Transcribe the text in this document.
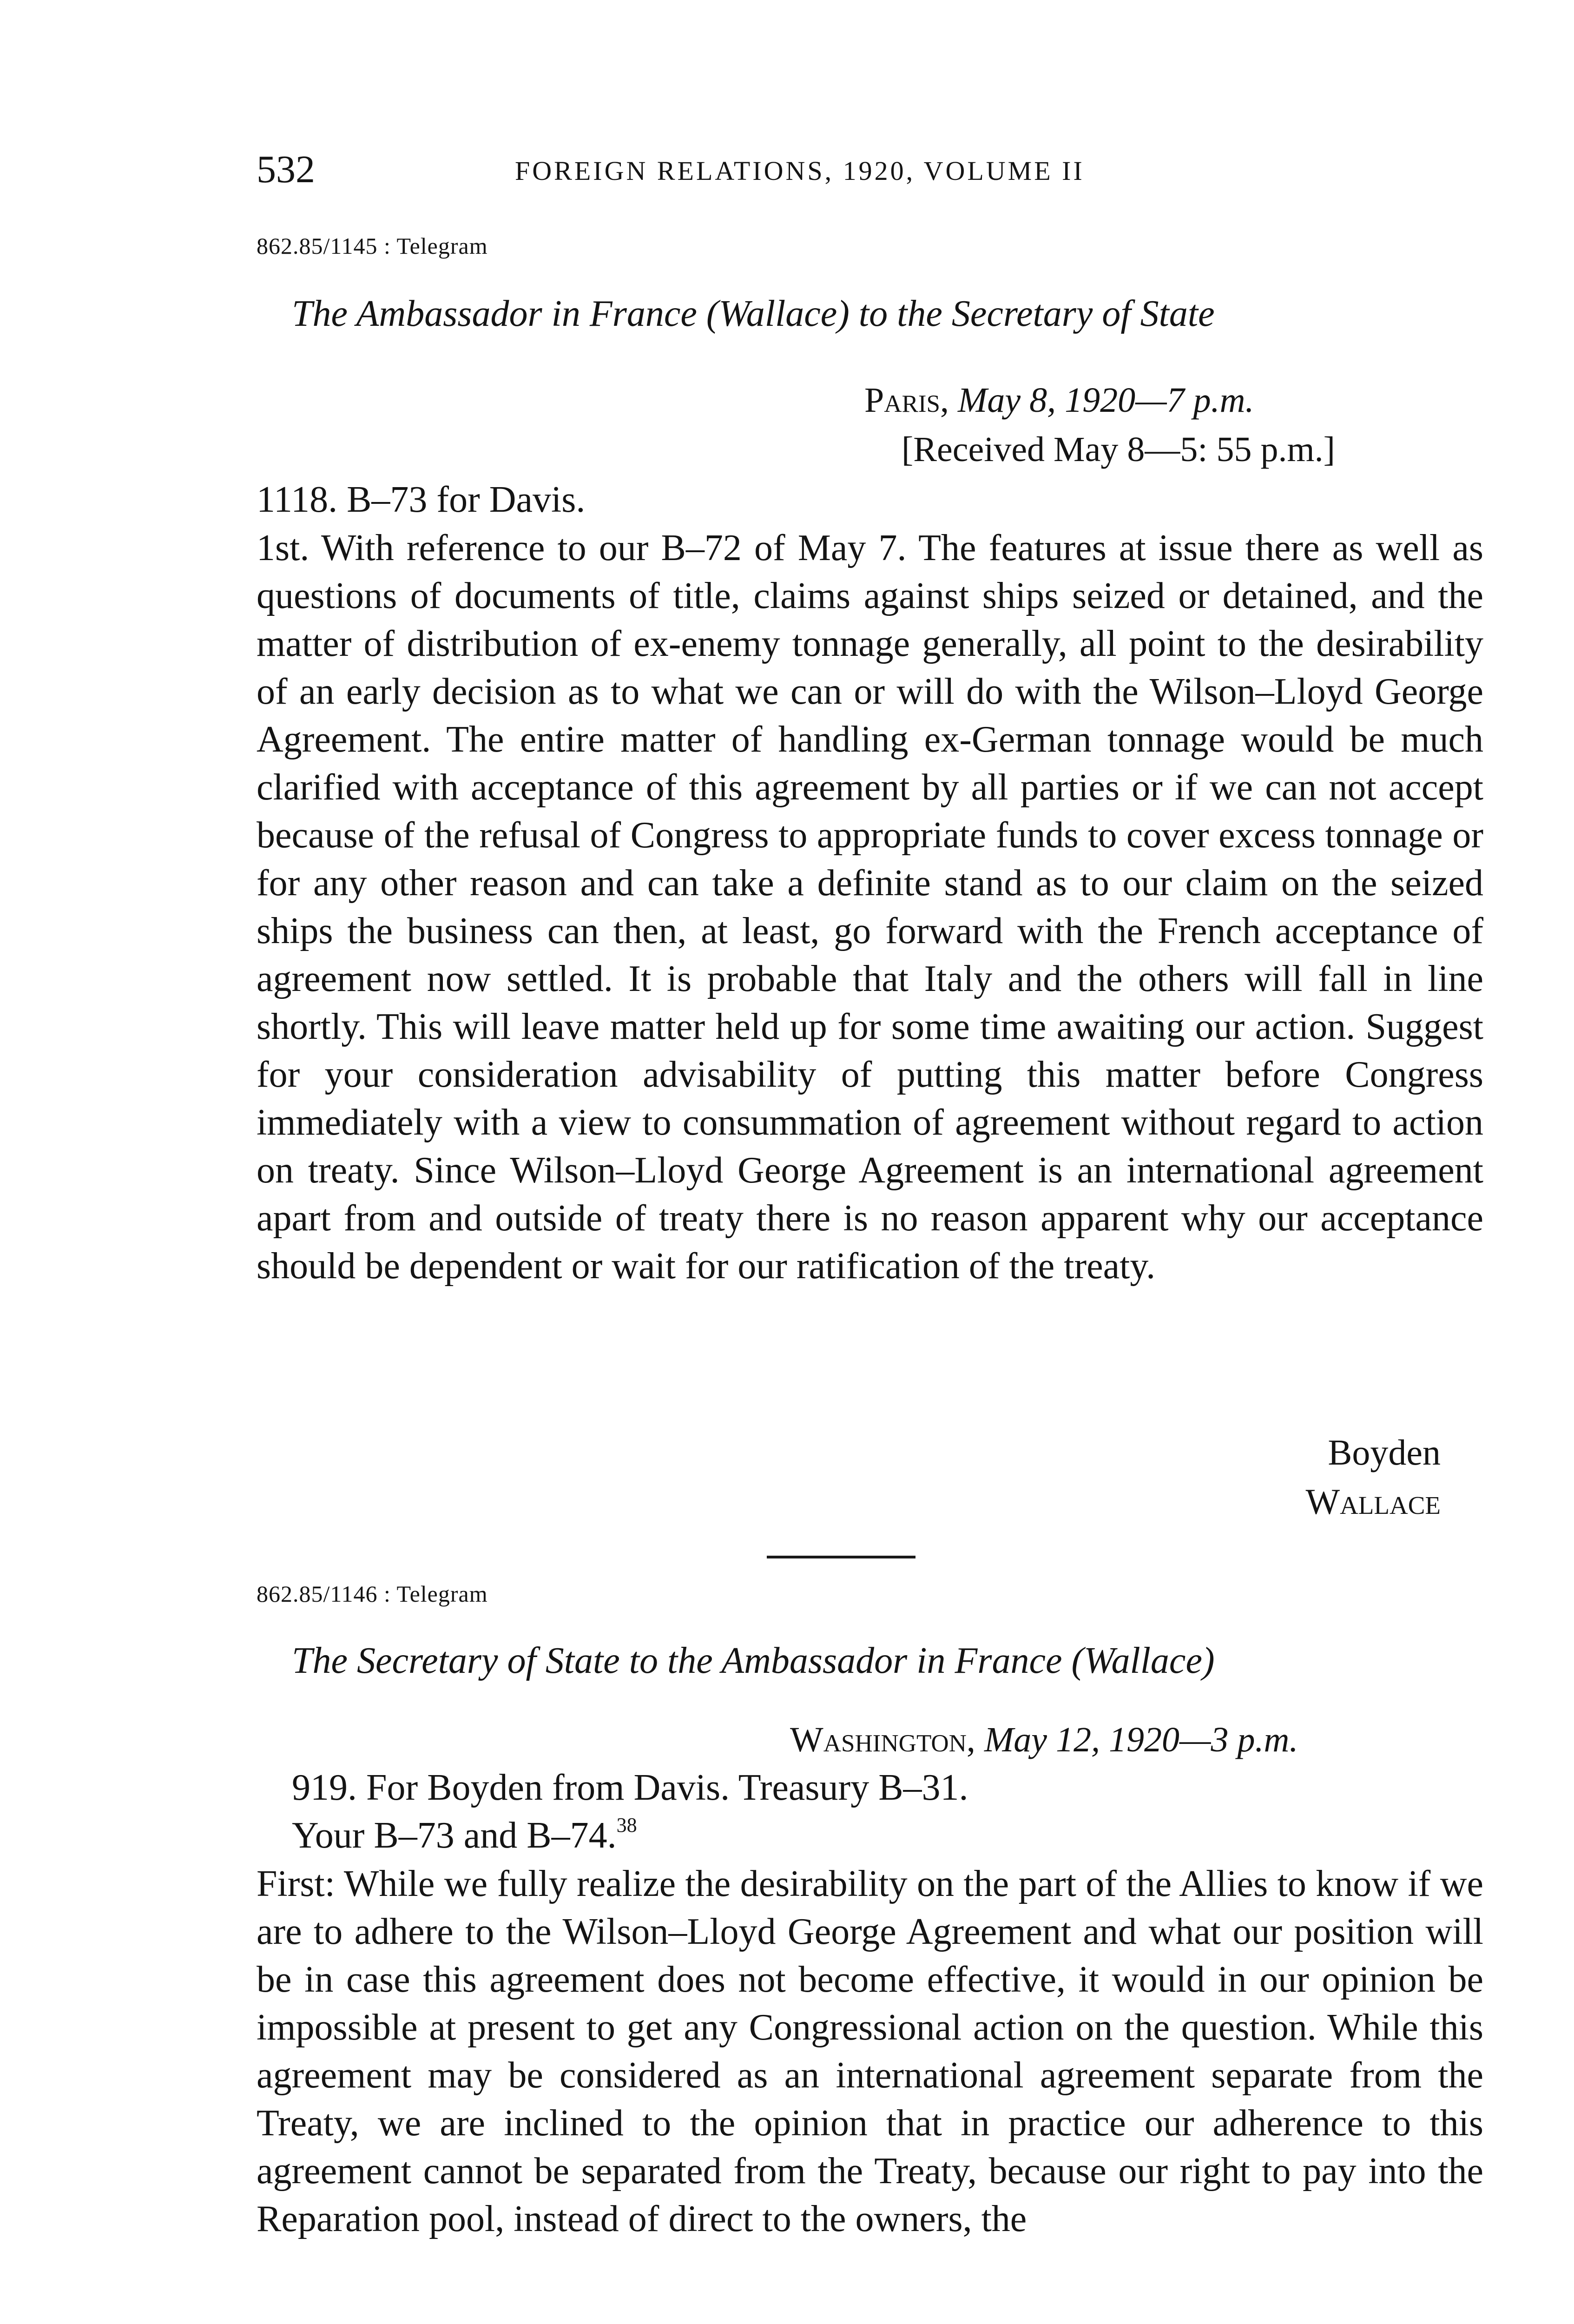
532	FOREIGN RELATIONS, 1920, VOLUME II
862.85/1145 : Telegram
The Ambassador in France (Wallace) to the Secretary of State
Paris, May 8, 1920—7 p.m.
[Received May 8—5: 55 p.m.]
1118. B–73 for Davis.

1st. With reference to our B–72 of May 7. The features at issue there as well as questions of documents of title, claims against ships seized or detained, and the matter of distribution of ex-enemy tonnage generally, all point to the desirability of an early decision as to what we can or will do with the Wilson–Lloyd George Agreement. The entire matter of handling ex-German tonnage would be much clarified with acceptance of this agreement by all parties or if we can not accept because of the refusal of Congress to appropriate funds to cover excess tonnage or for any other reason and can take a definite stand as to our claim on the seized ships the business can then, at least, go forward with the French acceptance of agreement now settled. It is probable that Italy and the others will fall in line shortly. This will leave matter held up for some time awaiting our action. Suggest for your consideration advisability of putting this matter before Congress immediately with a view to consummation of agreement without regard to action on treaty. Since Wilson–Lloyd George Agreement is an international agreement apart from and outside of treaty there is no reason apparent why our acceptance should be dependent or wait for our ratification of the treaty.

Boyden
Wallace
862.85/1146 : Telegram
The Secretary of State to the Ambassador in France (Wallace)
Washington, May 12, 1920—3 p.m.
919. For Boyden from Davis. Treasury B–31.
Your B–73 and B–74.38

First: While we fully realize the desirability on the part of the Allies to know if we are to adhere to the Wilson–Lloyd George Agreement and what our position will be in case this agreement does not become effective, it would in our opinion be impossible at present to get any Congressional action on the question. While this agreement may be considered as an international agreement separate from the Treaty, we are inclined to the opinion that in practice our adherence to this agreement cannot be separated from the Treaty, because our right to pay into the Reparation pool, instead of direct to the owners, the
